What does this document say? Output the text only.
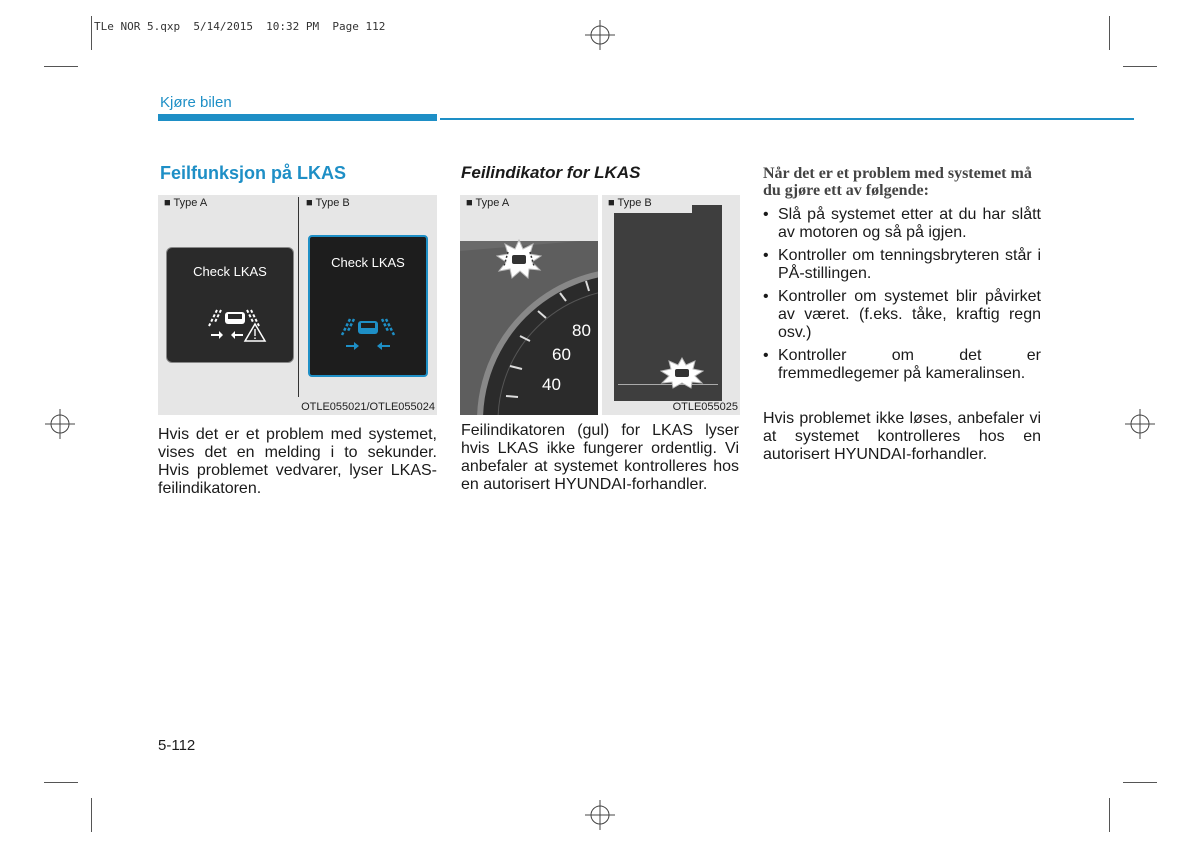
TLe NOR 5.qxp  5/14/2015  10:32 PM  Page 112
Kjøre bilen
Feilfunksjon på LKAS
■ Type A	■ Type B
Check LKAS
Check LKAS
OTLE055021/OTLE055024
Hvis det er et problem med systemet, vises det en melding i to sekunder. Hvis problemet vedvarer, lyser LKAS-feilindikatoren.
Feilindikator for LKAS
■ Type A
80
60
40
■ Type B
OTLE055025
Feilindikatoren (gul) for LKAS lyser hvis LKAS ikke fungerer ordentlig. Vi anbefaler at systemet kontrolleres hos en autorisert HYUNDAI-forhandler.
Når det er et problem med systemet må du gjøre ett av følgende:
• Slå på systemet etter at du har slått av motoren og så på igjen.
• Kontroller om tenningsbryteren står i PÅ-stillingen.
• Kontroller om systemet blir påvirket av været. (f.eks. tåke, kraftig regn osv.)
• Kontroller om det er fremmedlegemer på kameralinsen.
Hvis problemet ikke løses, anbefaler vi at systemet kontrolleres hos en autorisert HYUNDAI-forhandler.
5-112
